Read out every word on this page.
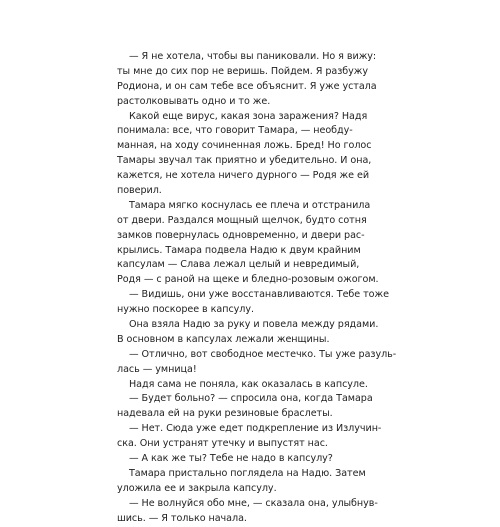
— Я не хотела, чтобы вы паниковали. Но я вижу:
ты мне до сих пор не веришь. Пойдем. Я разбужу
Родиона, и он сам тебе все объяснит. Я уже устала
растолковывать одно и то же.
Какой еще вирус, какая зона заражения? Надя
понимала: все, что говорит Тамара, — необду-
манная, на ходу сочиненная ложь. Бред! Но голос
Тамары звучал так приятно и убедительно. И она,
кажется, не хотела ничего дурного — Родя же ей
поверил.
Тамара мягко коснулась ее плеча и отстранила
от двери. Раздался мощный щелчок, будто сотня
замков повернулась одновременно, и двери рас-
крылись. Тамара подвела Надю к двум крайним
капсулам — Слава лежал целый и невредимый,
Родя — с раной на щеке и бледно-розовым ожогом.
— Видишь, они уже восстанавливаются. Тебе тоже
нужно поскорее в капсулу.
Она взяла Надю за руку и повела между рядами.
В основном в капсулах лежали женщины.
— Отлично, вот свободное местечко. Ты уже разуль-
лась — умница!
Надя сама не поняла, как оказалась в капсуле.
— Будет больно? — спросила она, когда Тамара
надевала ей на руки резиновые браслеты.
— Нет. Сюда уже едет подкрепление из Излучин-
ска. Они устранят утечку и выпустят нас.
— А как же ты? Тебе не надо в капсулу?
Тамара пристально поглядела на Надю. Затем
уложила ее и закрыла капсулу.
— Не волнуйся обо мне, — сказала она, улыбнув-
шись. — Я только начала.
